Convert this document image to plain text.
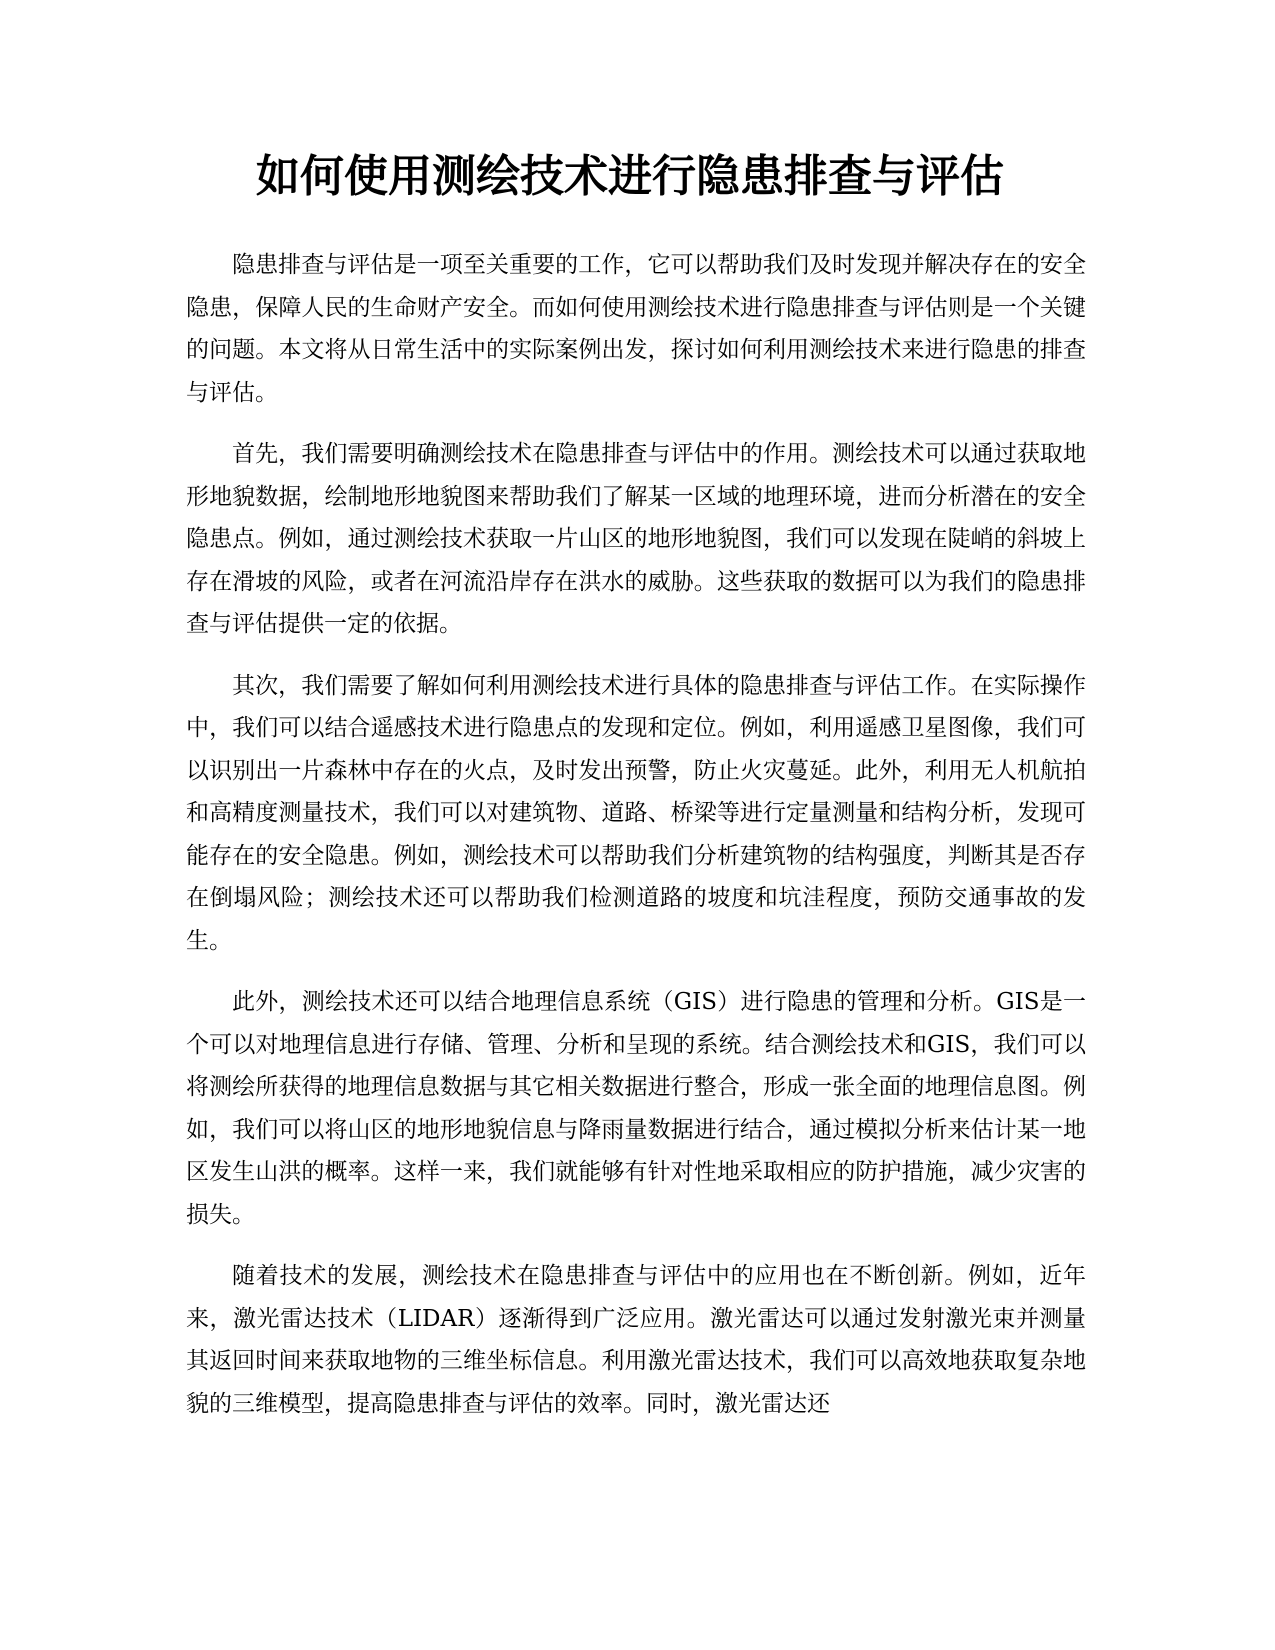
如何使用测绘技术进行隐患排查与评估

隐患排查与评估是一项至关重要的工作，它可以帮助我们及时发现并解决存在的安全隐患，保障人民的生命财产安全。而如何使用测绘技术进行隐患排查与评估则是一个关键的问题。本文将从日常生活中的实际案例出发，探讨如何利用测绘技术来进行隐患的排查与评估。

首先，我们需要明确测绘技术在隐患排查与评估中的作用。测绘技术可以通过获取地形地貌数据，绘制地形地貌图来帮助我们了解某一区域的地理环境，进而分析潜在的安全隐患点。例如，通过测绘技术获取一片山区的地形地貌图，我们可以发现在陡峭的斜坡上存在滑坡的风险，或者在河流沿岸存在洪水的威胁。这些获取的数据可以为我们的隐患排查与评估提供一定的依据。

其次，我们需要了解如何利用测绘技术进行具体的隐患排查与评估工作。在实际操作中，我们可以结合遥感技术进行隐患点的发现和定位。例如，利用遥感卫星图像，我们可以识别出一片森林中存在的火点，及时发出预警，防止火灾蔓延。此外，利用无人机航拍和高精度测量技术，我们可以对建筑物、道路、桥梁等进行定量测量和结构分析，发现可能存在的安全隐患。例如，测绘技术可以帮助我们分析建筑物的结构强度，判断其是否存在倒塌风险；测绘技术还可以帮助我们检测道路的坡度和坑洼程度，预防交通事故的发生。

此外，测绘技术还可以结合地理信息系统（GIS）进行隐患的管理和分析。GIS是一个可以对地理信息进行存储、管理、分析和呈现的系统。结合测绘技术和GIS，我们可以将测绘所获得的地理信息数据与其它相关数据进行整合，形成一张全面的地理信息图。例如，我们可以将山区的地形地貌信息与降雨量数据进行结合，通过模拟分析来估计某一地区发生山洪的概率。这样一来，我们就能够有针对性地采取相应的防护措施，减少灾害的损失。

随着技术的发展，测绘技术在隐患排查与评估中的应用也在不断创新。例如，近年来，激光雷达技术（LIDAR）逐渐得到广泛应用。激光雷达可以通过发射激光束并测量其返回时间来获取地物的三维坐标信息。利用激光雷达技术，我们可以高效地获取复杂地貌的三维模型，提高隐患排查与评估的效率。同时，激光雷达还
